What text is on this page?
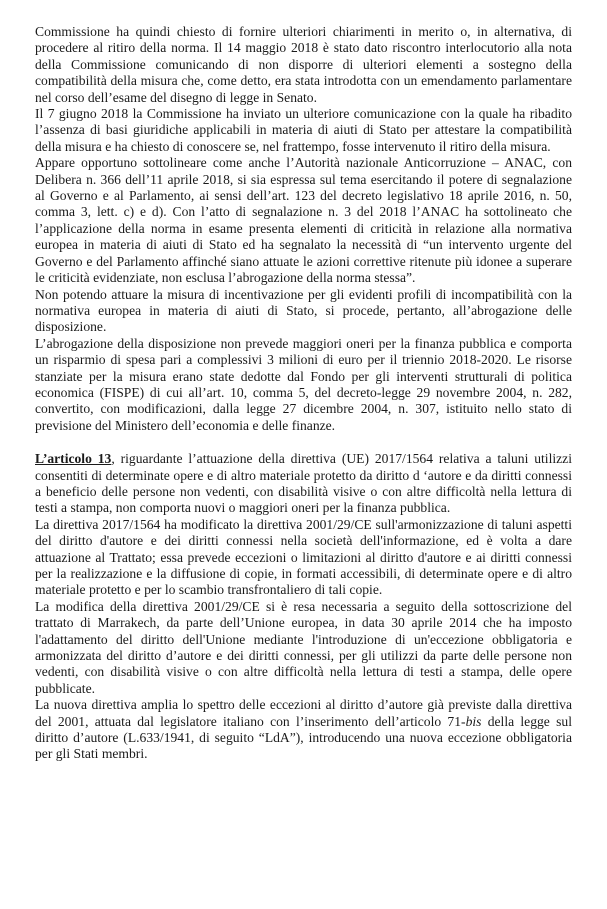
Commissione ha quindi chiesto di fornire ulteriori chiarimenti in merito o, in alternativa, di procedere al ritiro della norma. Il 14 maggio 2018 è stato dato riscontro interlocutorio alla nota della Commissione comunicando di non disporre di ulteriori elementi a sostegno della compatibilità della misura che, come detto, era stata introdotta con un emendamento parlamentare nel corso dell’esame del disegno di legge in Senato.

Il 7 giugno 2018 la Commissione ha inviato un ulteriore comunicazione con la quale ha ribadito l’assenza di basi giuridiche applicabili in materia di aiuti di Stato per attestare la compatibilità della misura e ha chiesto di conoscere se, nel frattempo, fosse intervenuto il ritiro della misura.

Appare opportuno sottolineare come anche l’Autorità nazionale Anticorruzione – ANAC, con Delibera n. 366 dell’11 aprile 2018, si sia espressa sul tema esercitando il potere di segnalazione al Governo e al Parlamento, ai sensi dell’art. 123 del decreto legislativo 18 aprile 2016, n. 50, comma 3, lett. c) e d). Con l’atto di segnalazione n. 3 del 2018 l’ANAC ha sottolineato che l’applicazione della norma in esame presenta elementi di criticità in relazione alla normativa europea in materia di aiuti di Stato ed ha segnalato la necessità di “un intervento urgente del Governo e del Parlamento affinché siano attuate le azioni correttive ritenute più idonee a superare le criticità evidenziate, non esclusa l’abrogazione della norma stessa”.

Non potendo attuare la misura di incentivazione per gli evidenti profili di incompatibilità con la normativa europea in materia di aiuti di Stato, si procede, pertanto, all’abrogazione delle disposizione.

L’abrogazione della disposizione non prevede maggiori oneri per la finanza pubblica e comporta un risparmio di spesa pari a complessivi 3 milioni di euro per il triennio 2018-2020. Le risorse stanziate per la misura erano state dedotte dal Fondo per gli interventi strutturali di politica economica (FISPE) di cui all’art. 10, comma 5, del decreto-legge 29 novembre 2004, n. 282, convertito, con modificazioni, dalla legge 27 dicembre 2004, n. 307, istituito nello stato di previsione del Ministero dell’economia e delle finanze.

L’articolo 13, riguardante l’attuazione della direttiva (UE) 2017/1564 relativa a taluni utilizzi consentiti di determinate opere e di altro materiale protetto da diritto d ‘autore e da diritti connessi a beneficio delle persone non vedenti, con disabilità visive o con altre difficoltà nella lettura di testi a stampa, non comporta nuovi o maggiori oneri per la finanza pubblica.

La direttiva 2017/1564 ha modificato la direttiva 2001/29/CE sull'armonizzazione di taluni aspetti del diritto d'autore e dei diritti connessi nella società dell'informazione, ed è volta a dare attuazione al Trattato; essa prevede eccezioni o limitazioni al diritto d'autore e ai diritti connessi per la realizzazione e la diffusione di copie, in formati accessibili, di determinate opere e di altro materiale protetto e per lo scambio transfrontaliero di tali copie.

La modifica della direttiva 2001/29/CE si è resa necessaria a seguito della sottoscrizione del trattato di Marrakech, da parte dell’Unione europea, in data 30 aprile 2014 che ha imposto l'adattamento del diritto dell'Unione mediante l'introduzione di un'eccezione obbligatoria e armonizzata del diritto d’autore e dei diritti connessi, per gli utilizzi da parte delle persone non vedenti, con disabilità visive o con altre difficoltà nella lettura di testi a stampa, delle opere pubblicate.

La nuova direttiva amplia lo spettro delle eccezioni al diritto d’autore già previste dalla direttiva del 2001, attuata dal legislatore italiano con l’inserimento dell’articolo 71-bis della legge sul diritto d’autore (L.633/1941, di seguito “LdA”), introducendo una nuova eccezione obbligatoria per gli Stati membri.
